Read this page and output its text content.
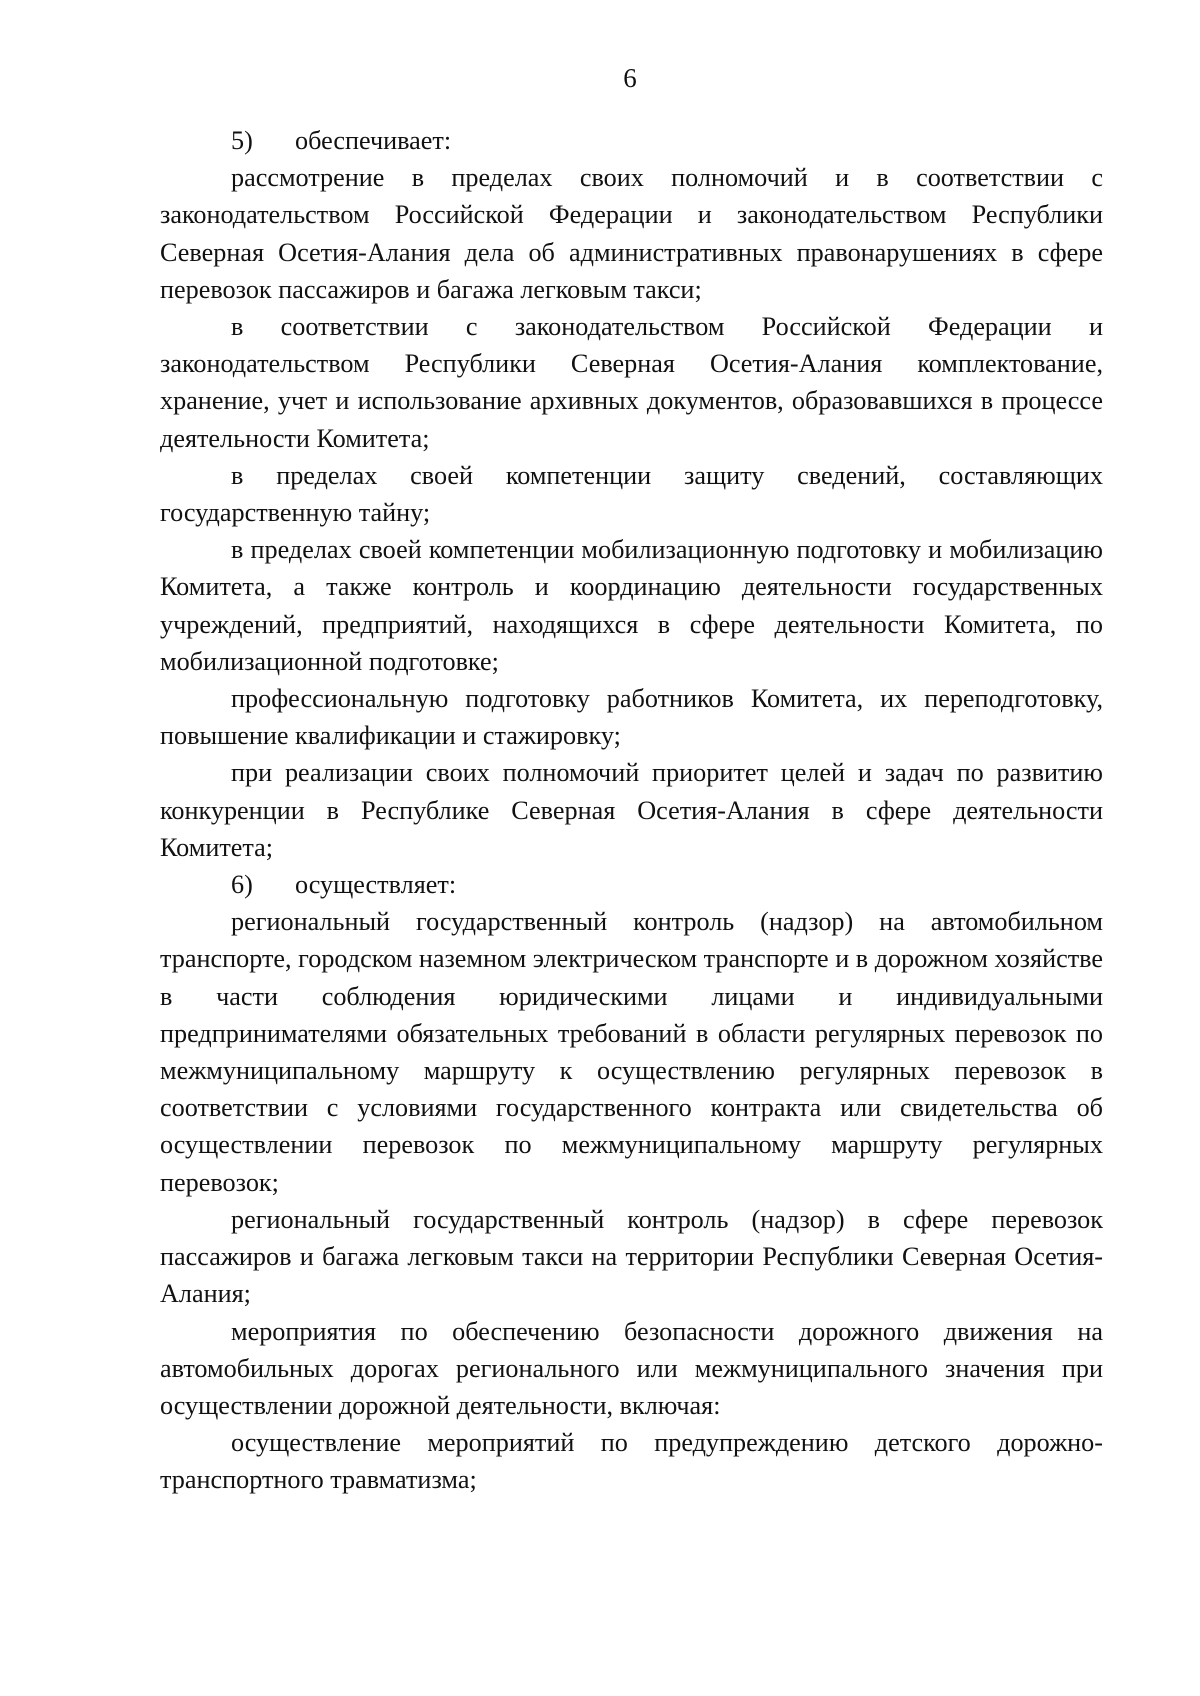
6
5) обеспечивает:

рассмотрение в пределах своих полномочий и в соответствии с законодательством Российской Федерации и законодательством Республики Северная Осетия-Алания дела об административных правонарушениях в сфере перевозок пассажиров и багажа легковым такси;

в соответствии с законодательством Российской Федерации и законодательством Республики Северная Осетия-Алания комплектование, хранение, учет и использование архивных документов, образовавшихся в процессе деятельности Комитета;

в пределах своей компетенции защиту сведений, составляющих государственную тайну;

в пределах своей компетенции мобилизационную подготовку и мобилизацию Комитета, а также контроль и координацию деятельности государственных учреждений, предприятий, находящихся в сфере деятельности Комитета, по мобилизационной подготовке;

профессиональную подготовку работников Комитета, их переподготовку, повышение квалификации и стажировку;

при реализации своих полномочий приоритет целей и задач по развитию конкуренции в Республике Северная Осетия-Алания в сфере деятельности Комитета;

6) осуществляет:

региональный государственный контроль (надзор) на автомобильном транспорте, городском наземном электрическом транспорте и в дорожном хозяйстве в части соблюдения юридическими лицами и индивидуальными предпринимателями обязательных требований в области регулярных перевозок по межмуниципальному маршруту к осуществлению регулярных перевозок в соответствии с условиями государственного контракта или свидетельства об осуществлении перевозок по межмуниципальному маршруту регулярных перевозок;

региональный государственный контроль (надзор) в сфере перевозок пассажиров и багажа легковым такси на территории Республики Северная Осетия-Алания;

мероприятия по обеспечению безопасности дорожного движения на автомобильных дорогах регионального или межмуниципального значения при осуществлении дорожной деятельности, включая:

осуществление мероприятий по предупреждению детского дорожно-транспортного травматизма;
